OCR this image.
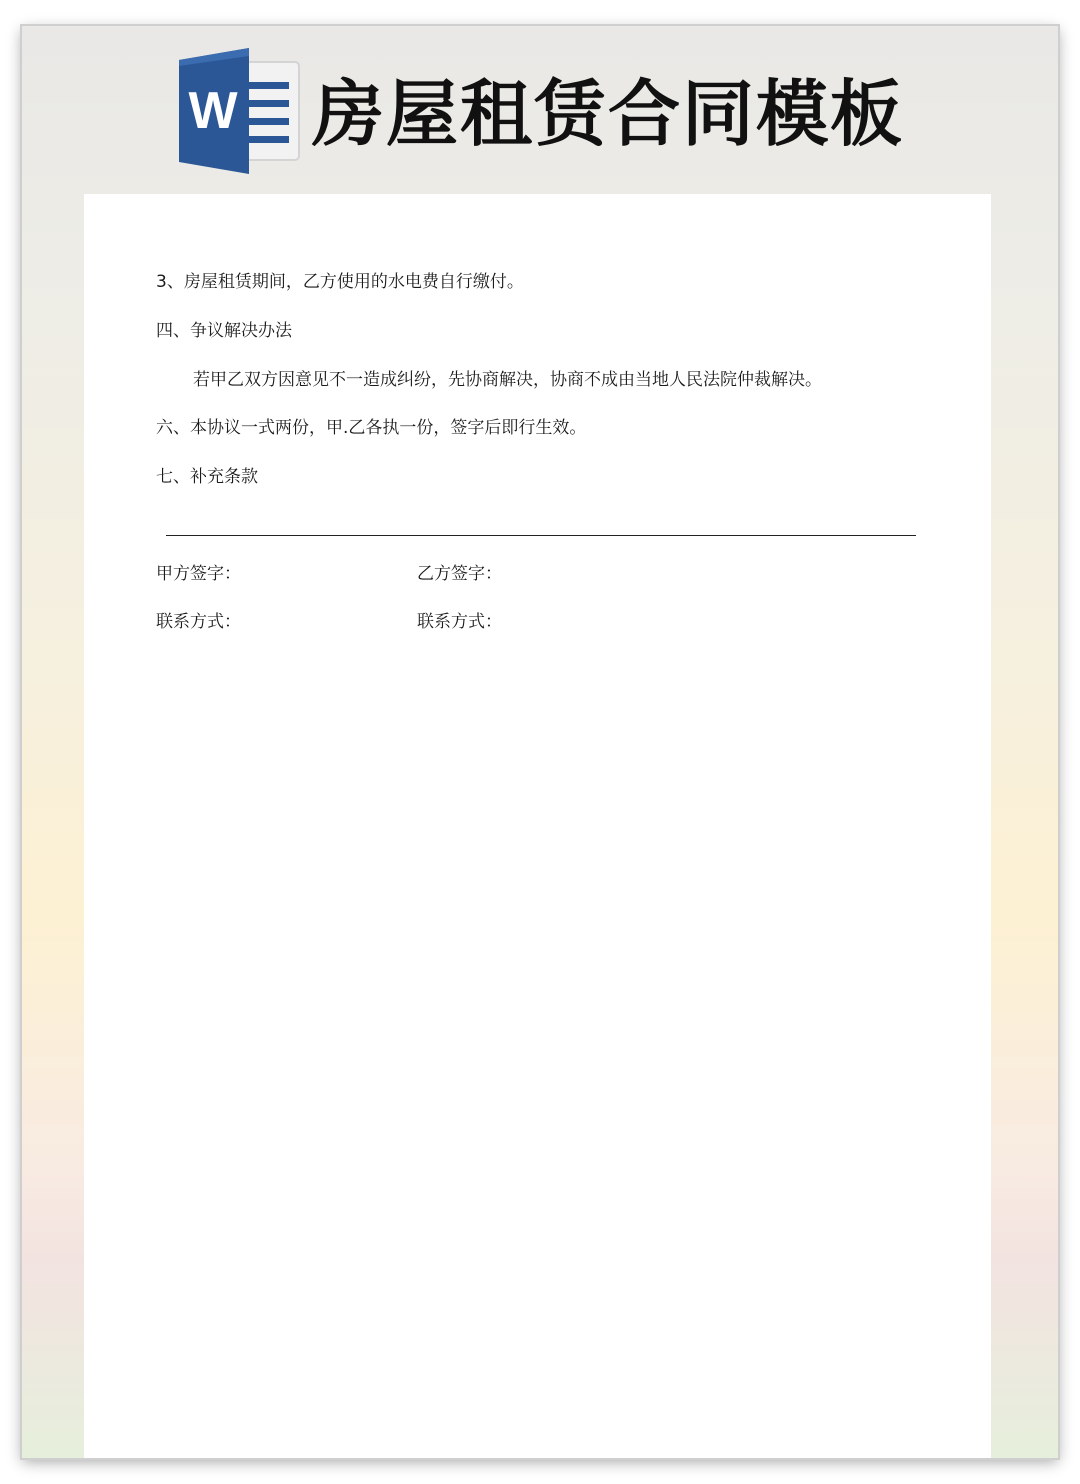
W 房屋租赁合同模板
3、房屋租赁期间，乙方使用的水电费自行缴付。
四、争议解决办法
若甲乙双方因意见不一造成纠纷，先协商解决，协商不成由当地人民法院仲裁解决。
六、本协议一式两份，甲.乙各执一份，签字后即行生效。
七、补充条款
甲方签字：	乙方签字：
联系方式：	联系方式：
